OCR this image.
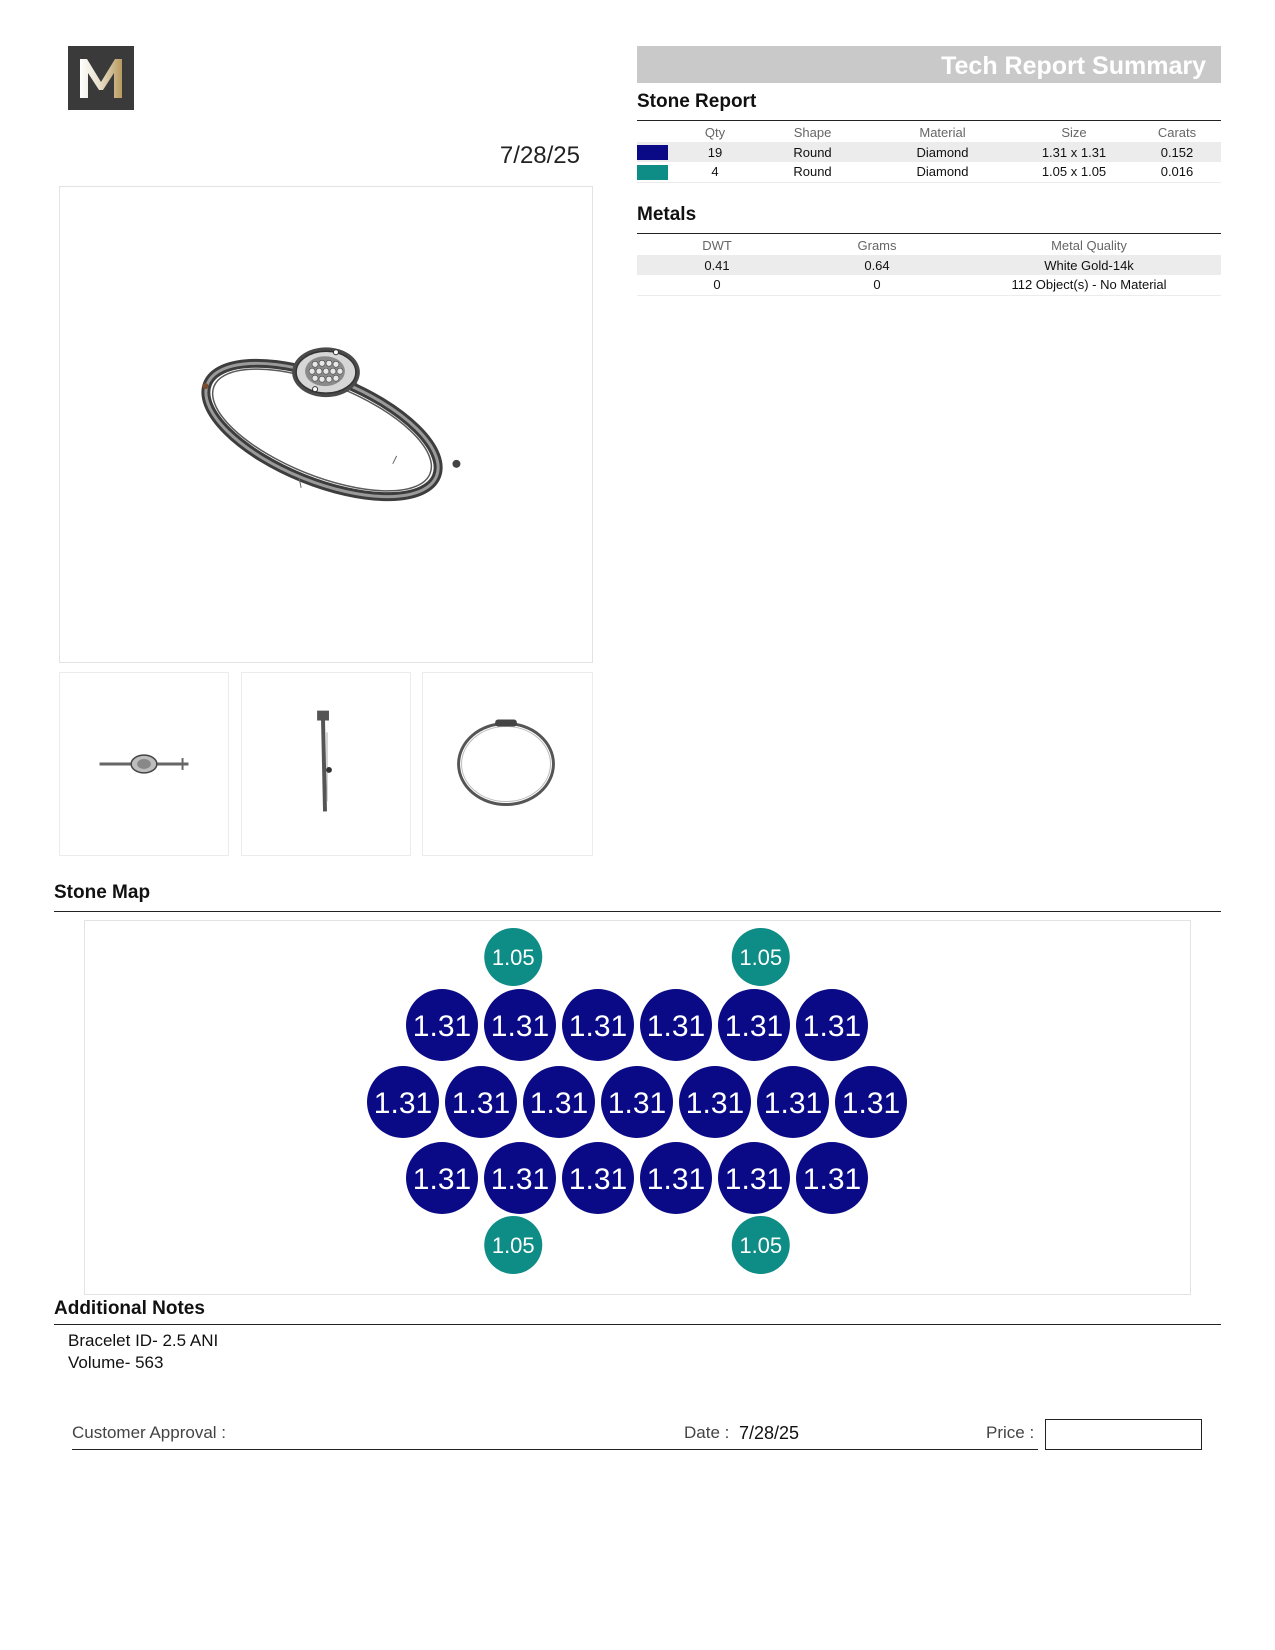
7/28/25
Tech Report Summary
Stone Report
	Qty	Shape	Material	Size	Carats
	19	Round	Diamond	1.31 x 1.31	0.152
	4	Round	Diamond	1.05 x 1.05	0.016
Metals
DWT	Grams	Metal Quality
0.41	0.64	White Gold-14k
0	0	112 Object(s) - No Material
Stone Map
1.05	1.05
1.31 1.31 1.31 1.31 1.31 1.31
1.31 1.31 1.31 1.31 1.31 1.31 1.31
1.31 1.31 1.31 1.31 1.31 1.31
1.05	1.05
Additional Notes
Bracelet ID- 2.5 ANI
Volume- 563
Customer Approval :	Date : 7/28/25	Price :
